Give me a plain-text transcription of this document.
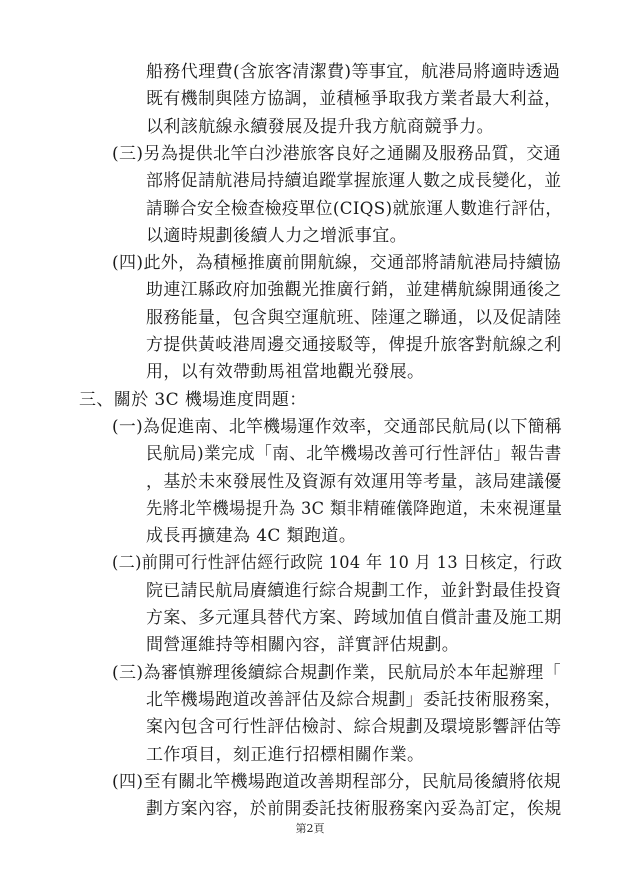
船務代理費(含旅客清潔費)等事宜，航港局將適時透過
既有機制與陸方協調，並積極爭取我方業者最大利益，
以利該航線永續發展及提升我方航商競爭力。
(三)另為提供北竿白沙港旅客良好之通關及服務品質，交通
部將促請航港局持續追蹤掌握旅運人數之成長變化，並
請聯合安全檢查檢疫單位(CIQS)就旅運人數進行評估，
以適時規劃後續人力之增派事宜。
(四)此外，為積極推廣前開航線，交通部將請航港局持續協
助連江縣政府加強觀光推廣行銷，並建構航線開通後之
服務能量，包含與空運航班、陸運之聯通，以及促請陸
方提供黃岐港周邊交通接駁等，俾提升旅客對航線之利
用，以有效帶動馬祖當地觀光發展。
三、關於 3C 機場進度問題：
(一)為促進南、北竿機場運作效率，交通部民航局(以下簡稱
民航局)業完成「南、北竿機場改善可行性評估」報告書
，基於未來發展性及資源有效運用等考量，該局建議優
先將北竿機場提升為 3C 類非精確儀降跑道，未來視運量
成長再擴建為 4C 類跑道。
(二)前開可行性評估經行政院 104 年 10 月 13 日核定，行政
院已請民航局賡續進行綜合規劃工作，並針對最佳投資
方案、多元運具替代方案、跨域加值自償計畫及施工期
間營運維持等相關內容，詳實評估規劃。
(三)為審慎辦理後續綜合規劃作業，民航局於本年起辦理「
北竿機場跑道改善評估及綜合規劃」委託技術服務案，
案內包含可行性評估檢討、綜合規劃及環境影響評估等
工作項目，刻正進行招標相關作業。
(四)至有關北竿機場跑道改善期程部分，民航局後續將依規
劃方案內容，於前開委託技術服務案內妥為訂定，俟規
第2頁
